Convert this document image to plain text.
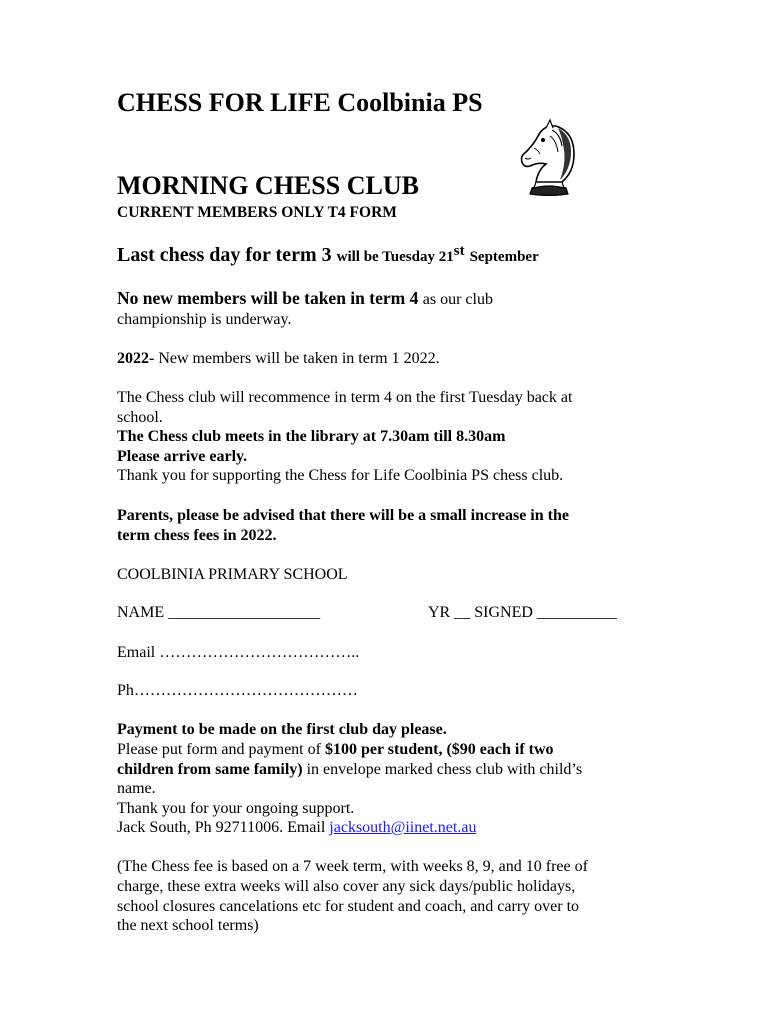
CHESS FOR LIFE Coolbinia PS
MORNING CHESS CLUB
CURRENT MEMBERS ONLY T4 FORM
Last chess day for term 3 will be Tuesday 21st September
No new members will be taken in term 4 as our club
championship is underway.
2022- New members will be taken in term 1 2022.
The Chess club will recommence in term 4 on the first Tuesday back at
school.
The Chess club meets in the library at 7.30am till 8.30am
Please arrive early.
Thank you for supporting the Chess for Life Coolbinia PS chess club.
Parents, please be advised that there will be a small increase in the
term chess fees in 2022.
COOLBINIA PRIMARY SCHOOL
NAME ___________________	YR __ SIGNED __________
Email ………………………………..
Ph……………………………………
Payment to be made on the first club day please.
Please put form and payment of $100 per student, ($90 each if two
children from same family) in envelope marked chess club with child’s
name.
Thank you for your ongoing support.
Jack South, Ph 92711006. Email jacksouth@iinet.net.au
(The Chess fee is based on a 7 week term, with weeks 8, 9, and 10 free of
charge, these extra weeks will also cover any sick days/public holidays,
school closures cancelations etc for student and coach, and carry over to
the next school terms)
